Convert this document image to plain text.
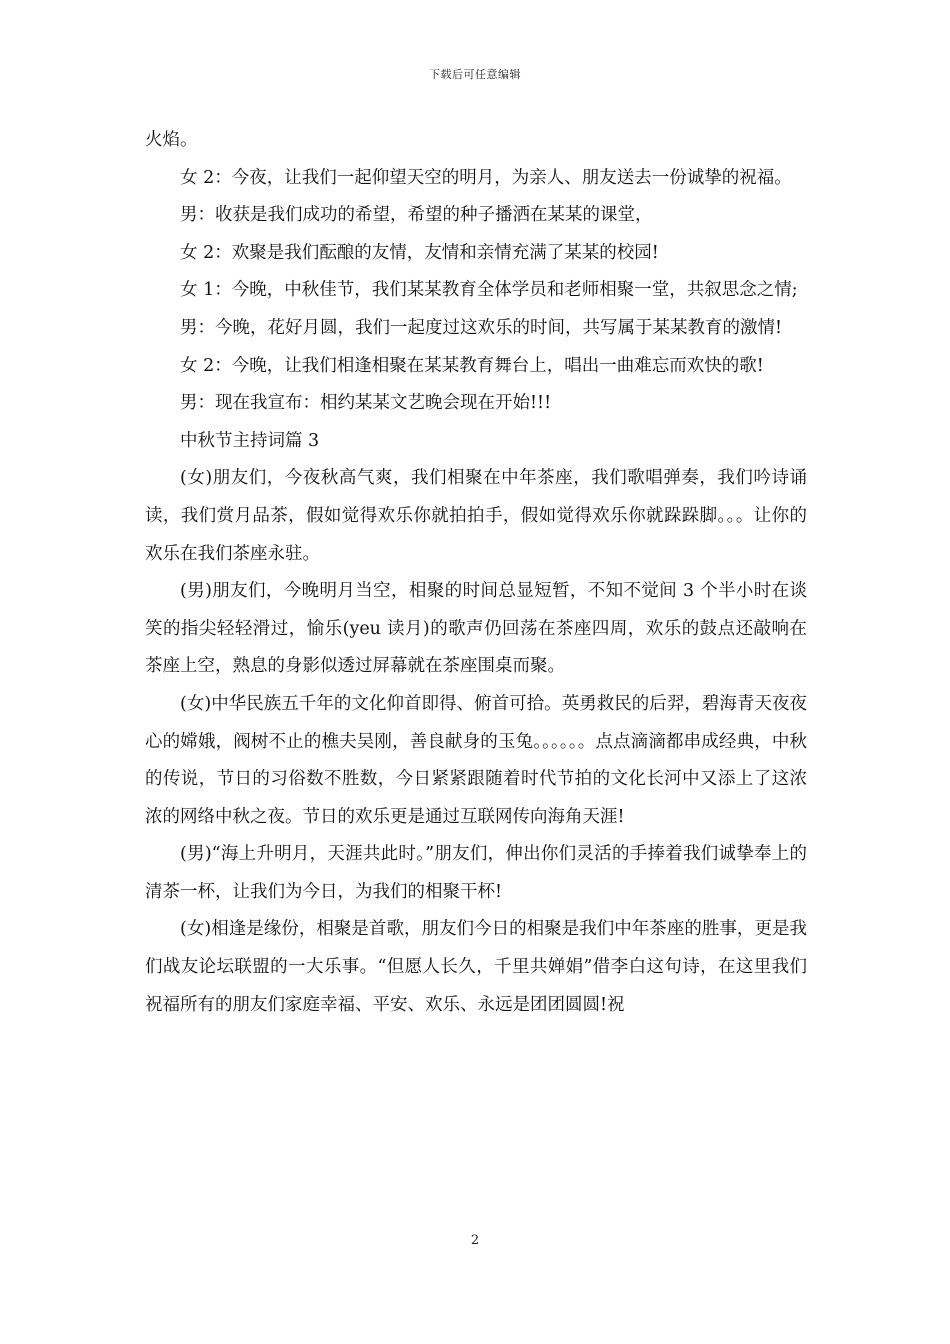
下载后可任意编辑

火焰。

女 2：今夜，让我们一起仰望天空的明月，为亲人、朋友送去一份诚挚的祝福。

男：收获是我们成功的希望，希望的种子播洒在某某的课堂，

女 2：欢聚是我们酝酿的友情，友情和亲情充满了某某的校园!

女 1：今晚，中秋佳节，我们某某教育全体学员和老师相聚一堂，共叙思念之情;

男：今晚，花好月圆，我们一起度过这欢乐的时间，共写属于某某教育的激情!

女 2：今晚，让我们相逢相聚在某某教育舞台上，唱出一曲难忘而欢快的歌!

男：现在我宣布：相约某某文艺晚会现在开始!!!

中秋节主持词篇 3

(女)朋友们，今夜秋高气爽，我们相聚在中年茶座，我们歌唱弹奏，我们吟诗诵读，我们赏月品茶，假如觉得欢乐你就拍拍手，假如觉得欢乐你就跺跺脚。。。让你的欢乐在我们茶座永驻。

(男)朋友们，今晚明月当空，相聚的时间总显短暂，不知不觉间 3 个半小时在谈笑的指尖轻轻滑过，愉乐(yeu 读月)的歌声仍回荡在茶座四周，欢乐的鼓点还敲响在茶座上空，熟息的身影似透过屏幕就在茶座围桌而聚。

(女)中华民族五千年的文化仰首即得、俯首可拾。英勇救民的后羿，碧海青天夜夜心的嫦娥，阀树不止的樵夫吴刚，善良献身的玉兔。。。。。。点点滴滴都串成经典，中秋的传说，节日的习俗数不胜数，今日紧紧跟随着时代节拍的文化长河中又添上了这浓浓的网络中秋之夜。节日的欢乐更是通过互联网传向海角天涯!

(男)“海上升明月，天涯共此时。”朋友们，伸出你们灵活的手捧着我们诚挚奉上的清茶一杯，让我们为今日，为我们的相聚干杯!

(女)相逢是缘份，相聚是首歌，朋友们今日的相聚是我们中年茶座的胜事，更是我们战友论坛联盟的一大乐事。“但愿人长久，千里共婵娟”借李白这句诗，在这里我们祝福所有的朋友们家庭幸福、平安、欢乐、永远是团团圆圆!祝

2
